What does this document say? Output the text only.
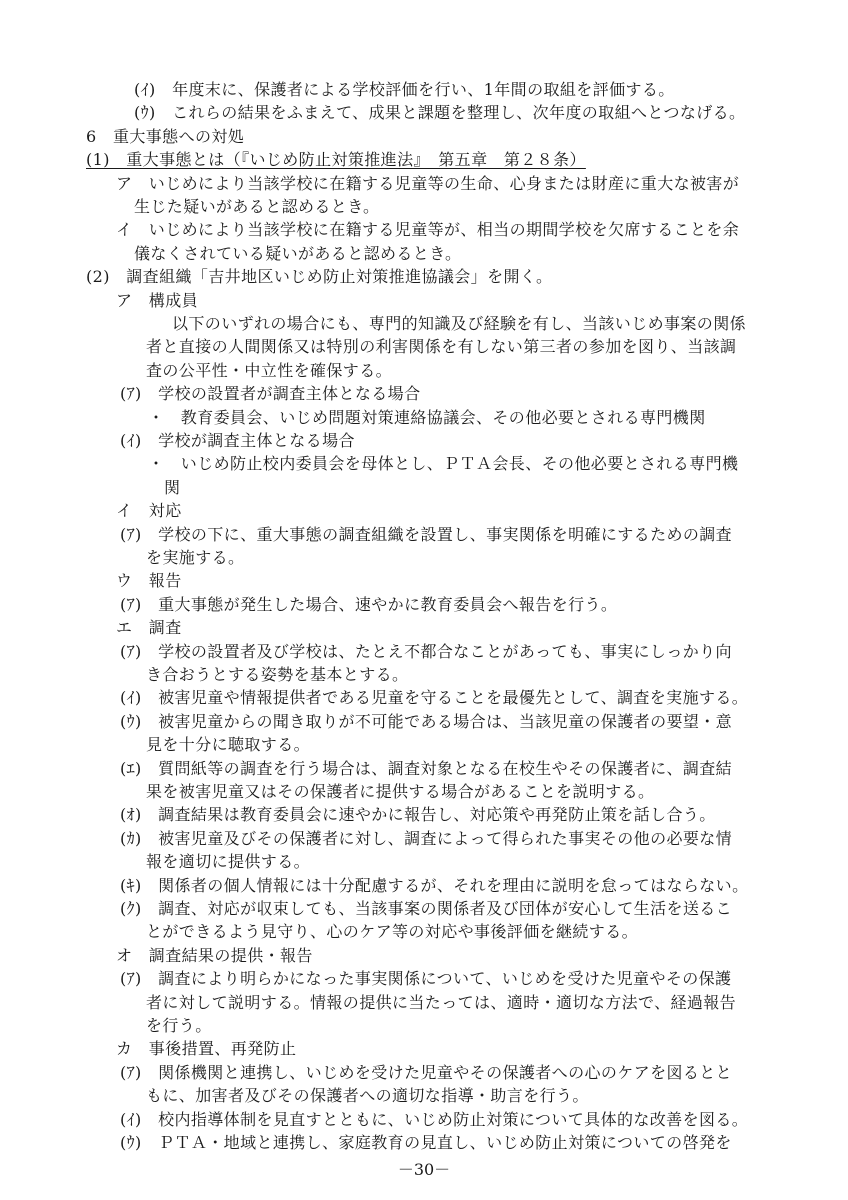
(ｲ)　年度末に、保護者による学校評価を行い、1年間の取組を評価する。
(ｳ)　これらの結果をふまえて、成果と課題を整理し、次年度の取組へとつなげる。
6　重大事態への対処
(1)　重大事態とは（『いじめ防止対策推進法』　第五章　第２８条）
ア　いじめにより当該学校に在籍する児童等の生命、心身または財産に重大な被害が
生じた疑いがあると認めるとき。
イ　いじめにより当該学校に在籍する児童等が、相当の期間学校を欠席することを余
儀なくされている疑いがあると認めるとき。
(2)　調査組織「吉井地区いじめ防止対策推進協議会」を開く。
ア　構成員
以下のいずれの場合にも、専門的知識及び経験を有し、当該いじめ事案の関係
者と直接の人間関係又は特別の利害関係を有しない第三者の参加を図り、当該調
査の公平性・中立性を確保する。
(ｱ)　学校の設置者が調査主体となる場合
・　教育委員会、いじめ問題対策連絡協議会、その他必要とされる専門機関
(ｲ)　学校が調査主体となる場合
・　いじめ防止校内委員会を母体とし、ＰＴＡ会長、その他必要とされる専門機
関
イ　対応
(ｱ)　学校の下に、重大事態の調査組織を設置し、事実関係を明確にするための調査
を実施する。
ウ　報告
(ｱ)　重大事態が発生した場合、速やかに教育委員会へ報告を行う。
エ　調査
(ｱ)　学校の設置者及び学校は、たとえ不都合なことがあっても、事実にしっかり向
き合おうとする姿勢を基本とする。
(ｲ)　被害児童や情報提供者である児童を守ることを最優先として、調査を実施する。
(ｳ)　被害児童からの聞き取りが不可能である場合は、当該児童の保護者の要望・意
見を十分に聴取する。
(ｴ)　質問紙等の調査を行う場合は、調査対象となる在校生やその保護者に、調査結
果を被害児童又はその保護者に提供する場合があることを説明する。
(ｵ)　調査結果は教育委員会に速やかに報告し、対応策や再発防止策を話し合う。
(ｶ)　被害児童及びその保護者に対し、調査によって得られた事実その他の必要な情
報を適切に提供する。
(ｷ)　関係者の個人情報には十分配慮するが、それを理由に説明を怠ってはならない。
(ｸ)　調査、対応が収束しても、当該事案の関係者及び団体が安心して生活を送るこ
とができるよう見守り、心のケア等の対応や事後評価を継続する。
オ　調査結果の提供・報告
(ｱ)　調査により明らかになった事実関係について、いじめを受けた児童やその保護
者に対して説明する。情報の提供に当たっては、適時・適切な方法で、経過報告
を行う。
－30－
カ　事後措置、再発防止
(ｱ)　関係機関と連携し、いじめを受けた児童やその保護者への心のケアを図るとと
もに、加害者及びその保護者への適切な指導・助言を行う。
(ｲ)　校内指導体制を見直すとともに、いじめ防止対策について具体的な改善を図る。
(ｳ)　ＰＴＡ・地域と連携し、家庭教育の見直し、いじめ防止対策についての啓発を
